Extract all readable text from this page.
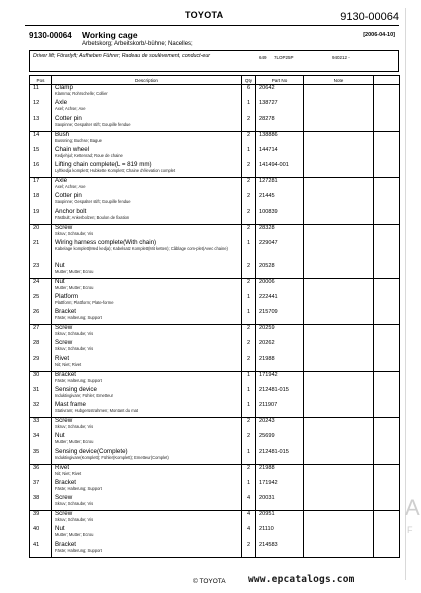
TOYOTA	9130-00064
9130-00064 Working cage	[2006-04-10]
Arbetskorg; Arbeitskorb/-bühne; Nacelles;
Driver lift; Förarlyft; Aufheben Führer; Radeau de soulèvement, conduct-eur	649 7LOP25P	940212 -
Pos	Description	Qty	Part No	Note	
11	Clamp
Klamma; Rohrschelle; Collier	6	20642		
12	Axle
Axel; Achse; Axe	1	138727		
13	Cotter pin
Saxpinne; Gespalter stift; Goupille fendue	2	28278		
14	Bush
Bussning; Buchse; Bague	2	138886		
15	Chain wheel
Kedjehjul; Kettenrad; Roue de chaine	1	144714		
16	Lifting chain complete(L = 819 mm)
Lyftkedja komplett; Hubkette Komplett; Chaine d'élevation complet	2	141494-001		
17	Axle
Axel; Achse; Axe	2	127281		
18	Cotter pin
Saxpinne; Gespalter stift; Goupille fendue	2	21445		
19	Anchor bolt
Fästbult; Ankerbolzen; Boulon de fixation	2	100839		
20	Screw
Skruv; Schraube; Vis	2	28328		
21	Wiring harness complete(With chain)
Kabelage komplett(Med kedja); Kabelsatz Komplett(Mit ketten); Câblage com-plet(Avec chaine)	1	229047		
23	Nut
Mutter; Mutter; Ecrou	2	20528		
24	Nut
Mutter; Mutter; Ecrou	2	20006		
25	Platform
Plattform; Plattform; Plate-forme	1	222441		
26	Bracket
Fäste; Halterung; Support	1	215709		
27	Screw
Skruv; Schraube; Vis	2	20259		
28	Screw
Skruv; Schraube; Vis	2	20262		
29	Rivet
Nit; Niet; Rivet	2	21988		
30	Bracket
Fäste; Halterung; Support	1	171942		
31	Sensing device
Induktivgivare; Fühler; Emetteur	1	212481-015		
32	Mast frame
Stativram; Hubgerüstrahmen; Montant du mat	1	211907		
33	Screw
Skruv; Schraube; Vis	2	20243		
34	Nut
Mutter; Mutter; Ecrou	2	25699		
35	Sensing device(Complete)
Induktivgivare(Komplett); Fühler(Komplett); Emetteur(Complet)	1	212481-015		
36	Rivet
Nit; Niet; Rivet	2	21988		
37	Bracket
Fäste; Halterung; Support	1	171942		
38	Screw
Skruv; Schraube; Vis	4	20031		
39	Screw
Skruv; Schraube; Vis	4	20951		
40	Nut
Mutter; Mutter; Ecrou	4	21110		
41	Bracket
Fäste; Halterung; Support	2	214583		
© TOYOTA www.epcatalogs.com
A
F
